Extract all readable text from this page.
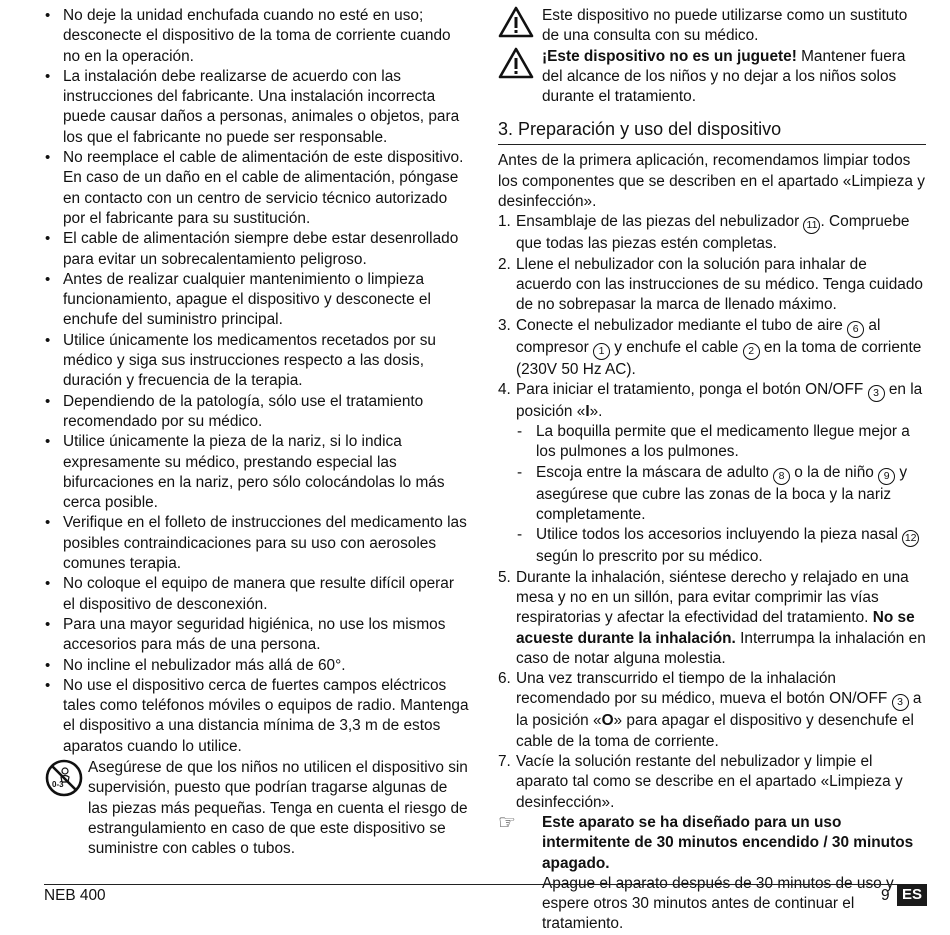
• No deje la unidad enchufada cuando no esté en uso; desconecte el dispositivo de la toma de corriente cuando no en la operación.
• La instalación debe realizarse de acuerdo con las instrucciones del fabricante. Una instalación incorrecta puede causar daños a personas, animales o objetos, para los que el fabricante no puede ser responsable.
• No reemplace el cable de alimentación de este dispositivo. En caso de un daño en el cable de alimentación, póngase en contacto con un centro de servicio técnico autorizado por el fabricante para su sustitución.
• El cable de alimentación siempre debe estar desenrollado para evitar un sobrecalentamiento peligroso.
• Antes de realizar cualquier mantenimiento o limpieza funcionamiento, apague el dispositivo y desconecte el enchufe del suministro principal.
• Utilice únicamente los medicamentos recetados por su médico y siga sus instrucciones respecto a las dosis, duración y frecuencia de la terapia.
• Dependiendo de la patología, sólo use el tratamiento recomendado por su médico.
• Utilice únicamente la pieza de la nariz, si lo indica expresamente su médico, prestando especial las bifurcaciones en la nariz, pero sólo colocándolas lo más cerca posible.
• Verifique en el folleto de instrucciones del medicamento las posibles contraindicaciones para su uso con aerosoles comunes terapia.
• No coloque el equipo de manera que resulte difícil operar el dispositivo de desconexión.
• Para una mayor seguridad higiénica, no use los mismos accesorios para más de una persona.
• No incline el nebulizador más allá de 60°.
• No use el dispositivo cerca de fuertes campos eléctricos tales como teléfonos móviles o equipos de radio. Mantenga el dispositivo a una distancia mínima de 3,3 m de estos aparatos cuando lo utilice.
0-3
Asegúrese de que los niños no utilicen el dispositivo sin supervisión, puesto que podrían tragarse algunas de las piezas más pequeñas. Tenga en cuenta el riesgo de estrangulamiento en caso de que este dispositivo se suministre con cables o tubos.
Este dispositivo no puede utilizarse como un sustituto de una consulta con su médico.
¡Este dispositivo no es un juguete! Mantener fuera del alcance de los niños y no dejar a los niños solos durante el tratamiento.
3. Preparación y uso del dispositivo
Antes de la primera aplicación, recomendamos limpiar todos los componentes que se describen en el apartado «Limpieza y desinfección».
1. Ensamblaje de las piezas del nebulizador 11 . Compruebe que todas las piezas estén completas.
2. Llene el nebulizador con la solución para inhalar de acuerdo con las instrucciones de su médico. Tenga cuidado de no sobrepasar la marca de llenado máximo.
3. Conecte el nebulizador mediante el tubo de aire 6 al compresor 1 y enchufe el cable 2 en la toma de corriente (230V 50 Hz AC).
4. Para iniciar el tratamiento, ponga el botón ON/OFF 3 en la posición «I».
- La boquilla permite que el medicamento llegue mejor a los pulmones a los pulmones.
- Escoja entre la máscara de adulto 8 o la de niño 9 y asegúrese que cubre las zonas de la boca y la nariz completamente.
- Utilice todos los accesorios incluyendo la pieza nasal 12 según lo prescrito por su médico.
5. Durante la inhalación, siéntese derecho y relajado en una mesa y no en un sillón, para evitar comprimir las vías respiratorias y afectar la efectividad del tratamiento. No se acueste durante la inhalación. Interrumpa la inhalación en caso de notar alguna molestia.
6. Una vez transcurrido el tiempo de la inhalación recomendado por su médico, mueva el botón ON/OFF 3 a la posición «O» para apagar el dispositivo y desenchufe el cable de la toma de corriente.
7. Vacíe la solución restante del nebulizador y limpie el aparato tal como se describe en el apartado «Limpieza y desinfección».
☞	Este aparato se ha diseñado para un uso intermitente de 30 minutos encendido / 30 minutos apagado.
Apague el aparato después de 30 minutos de uso y espere otros 30 minutos antes de continuar el tratamiento.
NEB 400	9 ES
